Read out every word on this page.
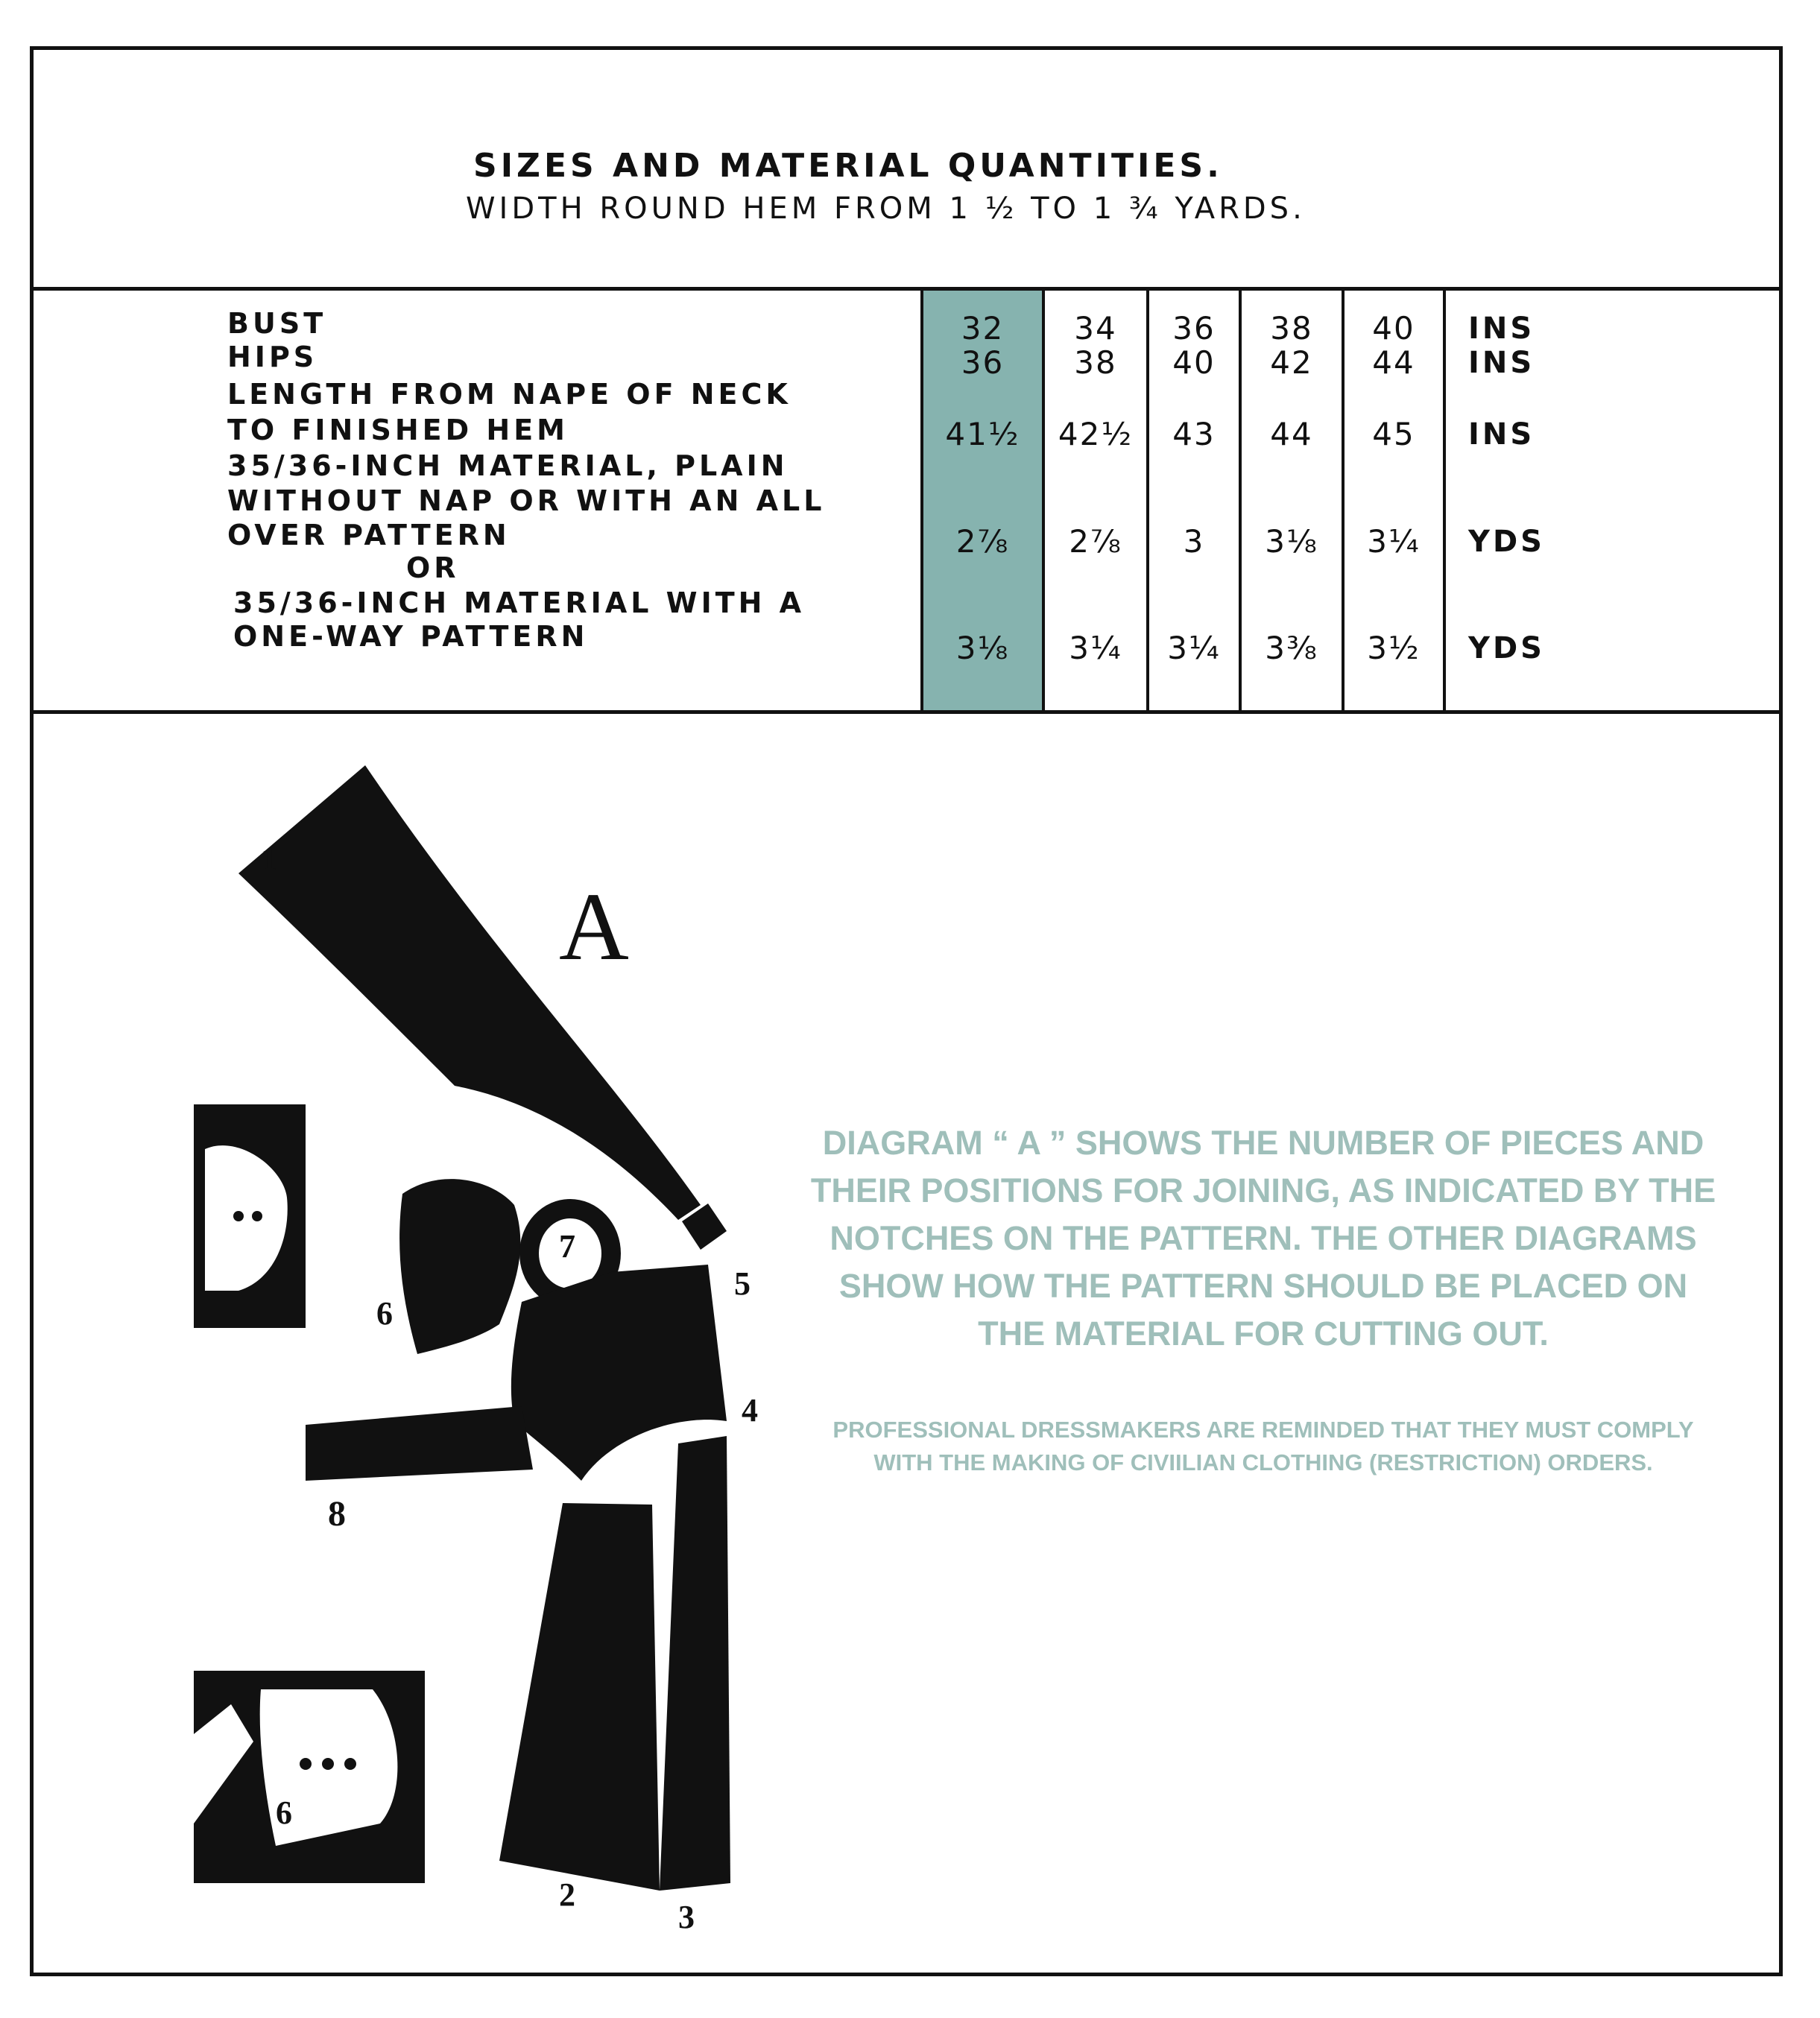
SIZES AND MATERIAL QUANTITIES.
WIDTH ROUND HEM FROM 1 ½ TO 1 ¾ YARDS.
BUST
HIPS
LENGTH FROM NAPE OF NECK
TO FINISHED HEM
35/36-INCH MATERIAL, PLAIN
WITHOUT NAP OR WITH AN ALL
OVER PATTERN
OR
35/36-INCH MATERIAL WITH A
ONE-WAY PATTERN
32
36
41½
2⅞
3⅛
34
38
42½
2⅞
3¼
36
40
43
3
3¼
38
42
44
3⅛
3⅜
40
44
45
3¼
3½
INS
INS
INS
YDS
YDS
1
2
3
4
5
6
7
8
6
A
DIAGRAM “ A ” SHOWS THE NUMBER OF PIECES AND
THEIR POSITIONS FOR JOINING, AS INDICATED BY THE
NOTCHES ON THE PATTERN. THE OTHER DIAGRAMS
SHOW HOW THE PATTERN SHOULD BE PLACED ON
THE MATERIAL FOR CUTTING OUT.
PROFESSIONAL DRESSMAKERS ARE REMINDED THAT THEY MUST COMPLY
WITH THE MAKING OF CIVIILIAN CLOTHING (RESTRICTION) ORDERS.
